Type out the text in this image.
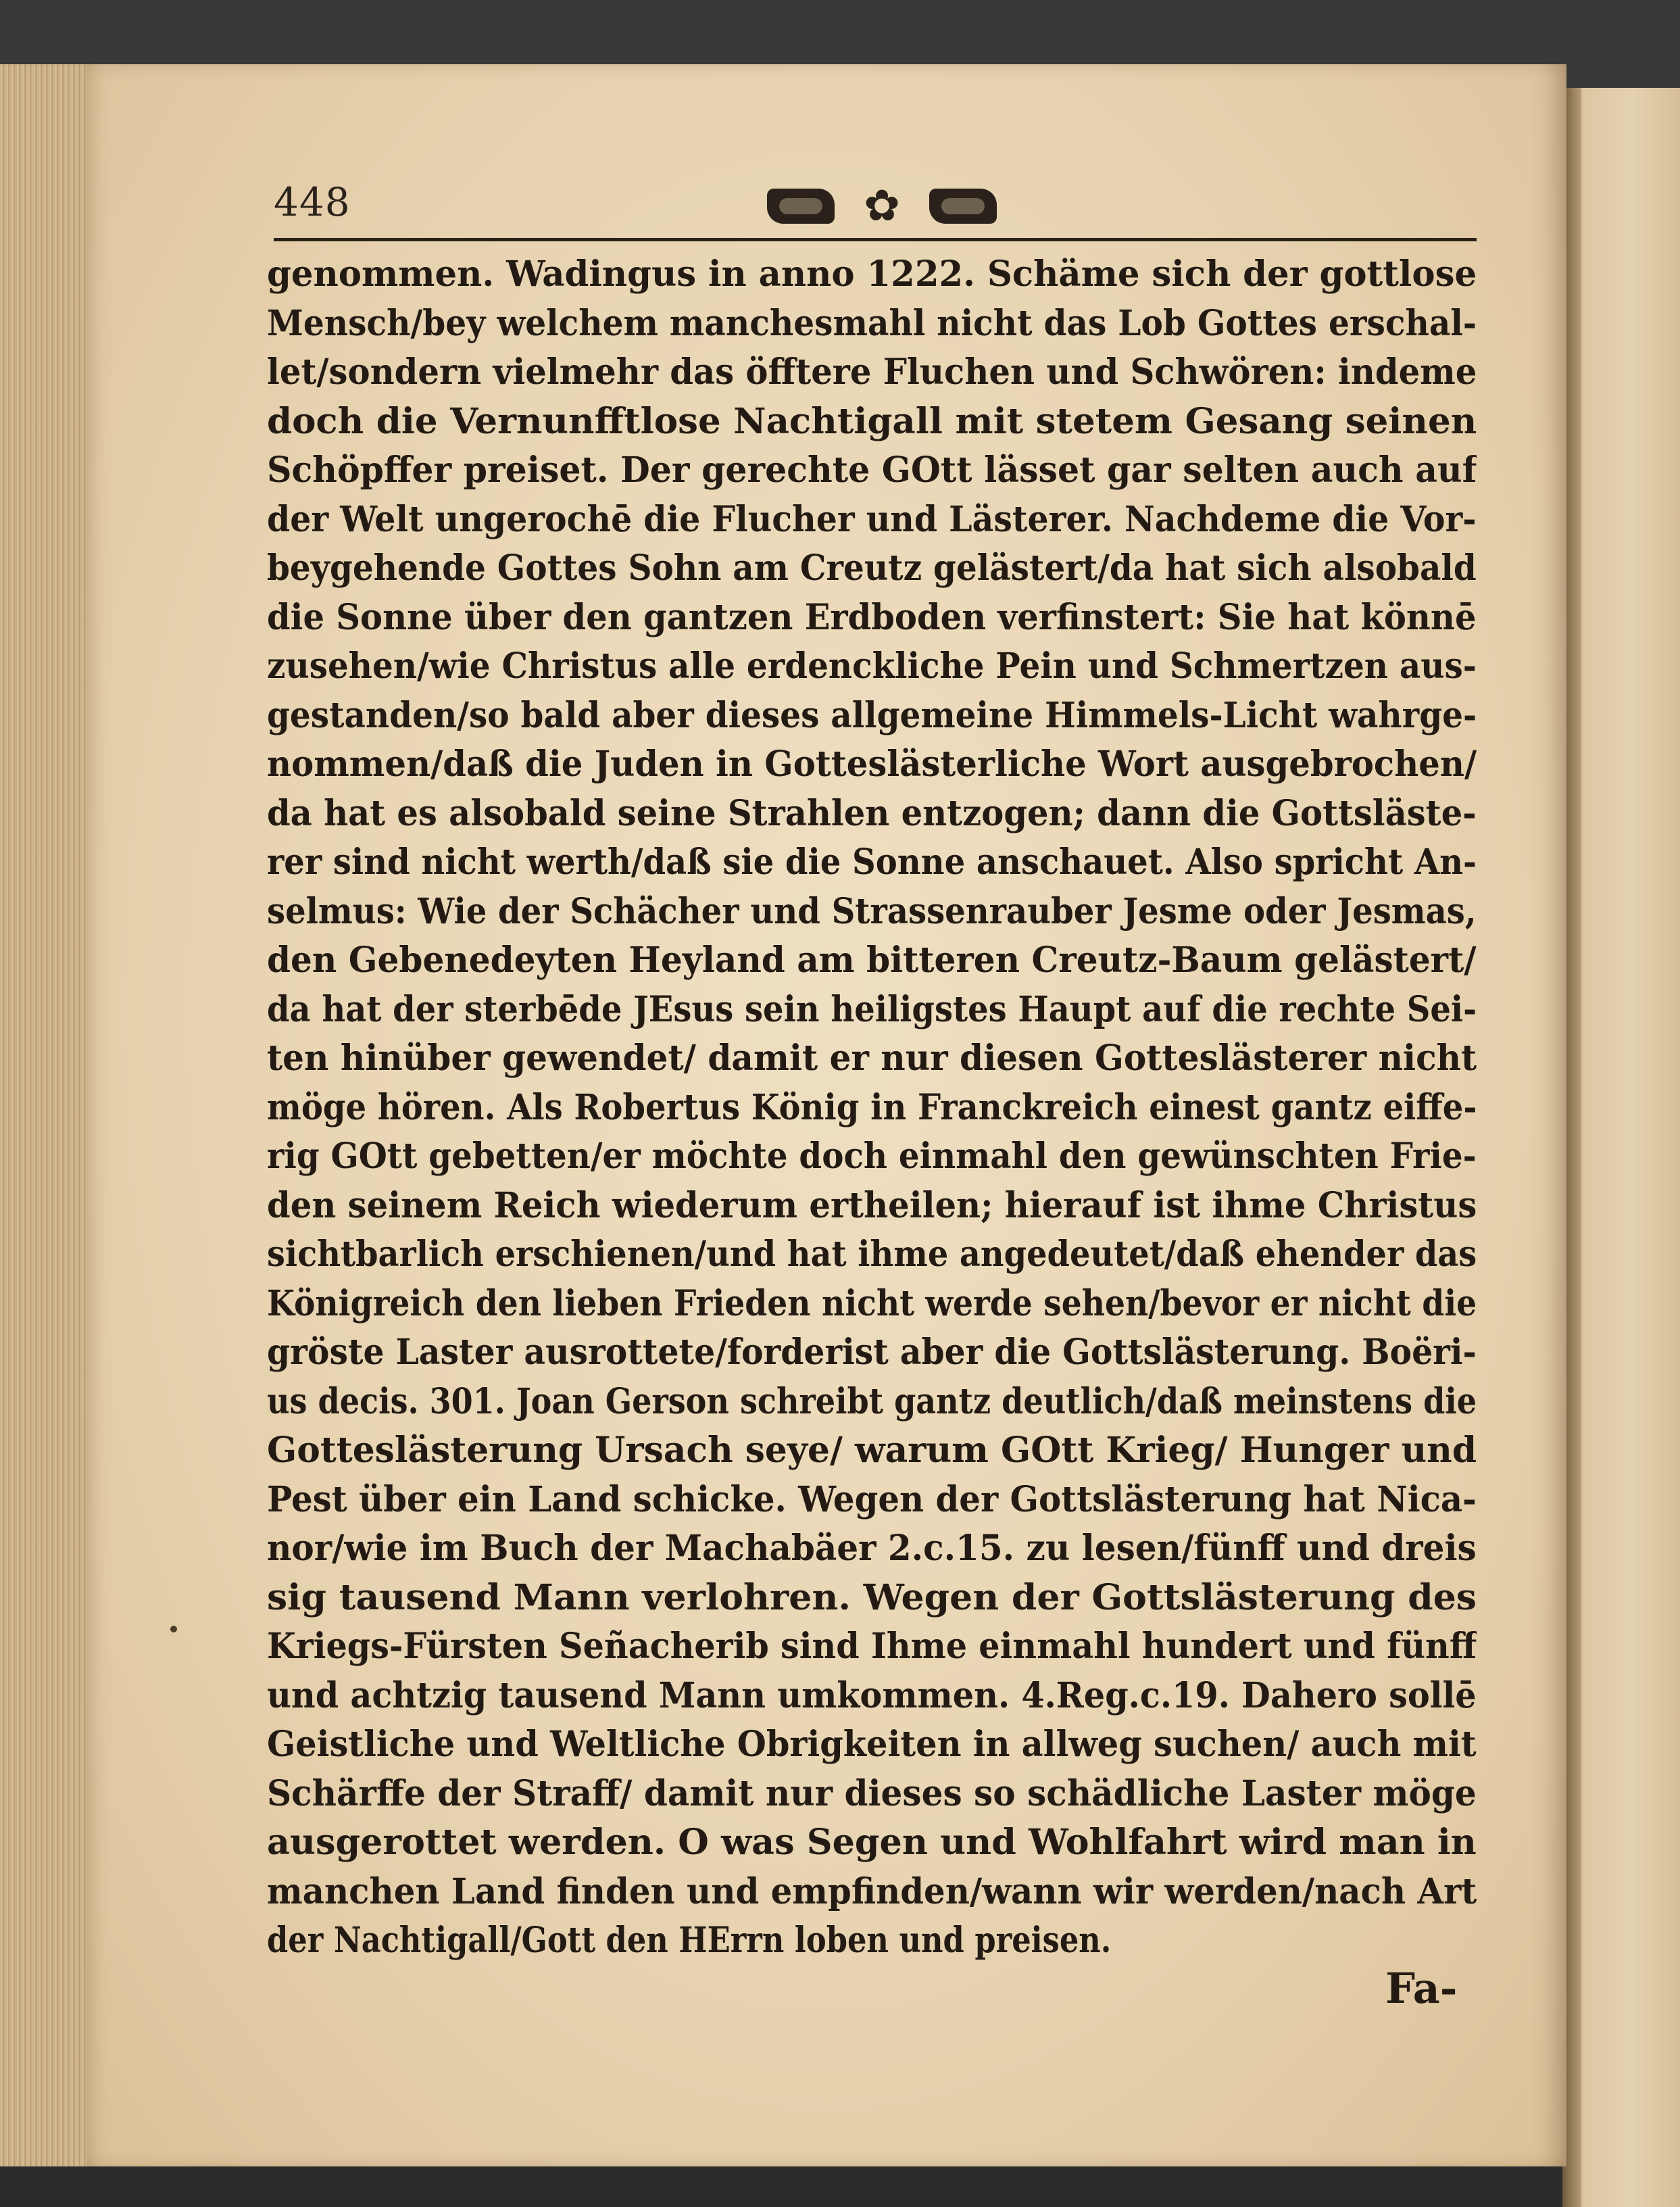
448	✿
genommen. Wadingus in anno 1222. Schäme sich der gottlose
Mensch/bey welchem manchesmahl nicht das Lob Gottes erschal-
let/sondern vielmehr das öfftere Fluchen und Schwören: indeme
doch die Vernunfftlose Nachtigall mit stetem Gesang seinen
Schöpffer preiset. Der gerechte GOtt lässet gar selten auch auf
der Welt ungerochē die Flucher und Lästerer. Nachdeme die Vor-
beygehende Gottes Sohn am Creutz gelästert/da hat sich alsobald
die Sonne über den gantzen Erdboden verfinstert: Sie hat könnē
zusehen/wie Christus alle erdenckliche Pein und Schmertzen aus-
gestanden/so bald aber dieses allgemeine Himmels-Licht wahrge-
nommen/daß die Juden in Gotteslästerliche Wort ausgebrochen/
da hat es alsobald seine Strahlen entzogen; dann die Gottsläste-
rer sind nicht werth/daß sie die Sonne anschauet. Also spricht An-
selmus: Wie der Schächer und Strassenrauber Jesme oder Jesmas,
den Gebenedeyten Heyland am bitteren Creutz-Baum gelästert/
da hat der sterbēde JEsus sein heiligstes Haupt auf die rechte Sei-
ten hinüber gewendet/ damit er nur diesen Gotteslästerer nicht
möge hören. Als Robertus König in Franckreich einest gantz eiffe-
rig GOtt gebetten/er möchte doch einmahl den gewünschten Frie-
den seinem Reich wiederum ertheilen; hierauf ist ihme Christus
sichtbarlich erschienen/und hat ihme angedeutet/daß ehender das
Königreich den lieben Frieden nicht werde sehen/bevor er nicht die
gröste Laster ausrottete/forderist aber die Gottslästerung. Boëri-
us decis. 301. Joan Gerson schreibt gantz deutlich/daß meinstens die
Gotteslästerung Ursach seye/ warum GOtt Krieg/ Hunger und
Pest über ein Land schicke. Wegen der Gottslästerung hat Nica-
nor/wie im Buch der Machabäer 2.c.15. zu lesen/fünff und dreis
sig tausend Mann verlohren. Wegen der Gottslästerung des
Kriegs-Fürsten Señacherib sind Ihme einmahl hundert und fünff
und achtzig tausend Mann umkommen. 4.Reg.c.19. Dahero sollē
Geistliche und Weltliche Obrigkeiten in allweg suchen/ auch mit
Schärffe der Straff/ damit nur dieses so schädliche Laster möge
ausgerottet werden. O was Segen und Wohlfahrt wird man in
manchen Land finden und empfinden/wann wir werden/nach Art
der Nachtigall/Gott den HErrn loben und preisen.
Fa-
